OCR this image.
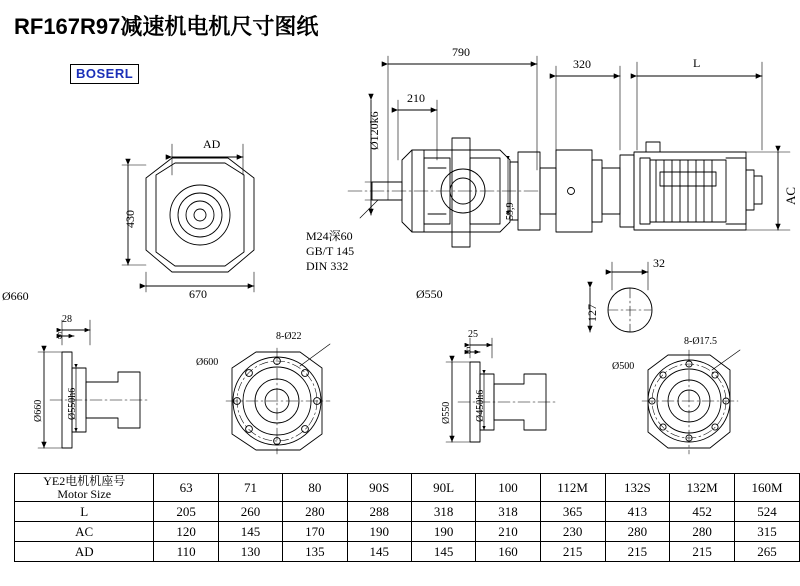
RF167R97减速机电机尺寸图纸
BOSERL
790
320	L
210
Ø120k6
59,9
M24深60
GB/T 145
DIN 332
AC
32
127
Ø550
AD
430
670
Ø660
28
6
Ø660 Ø550h6
Ø600
8-Ø22	25
5
Ø550 Ø450h6
Ø500
8-Ø17.5
YE2电机机座号
Motor Size	63	71	80	90S	90L	100	112M	132S	132M	160M
L	205	260	280	288	318	318	365	413	452	524
AC	120	145	170	190	190	210	230	280	280	315
AD	110	130	135	145	145	160	215	215	215	265
